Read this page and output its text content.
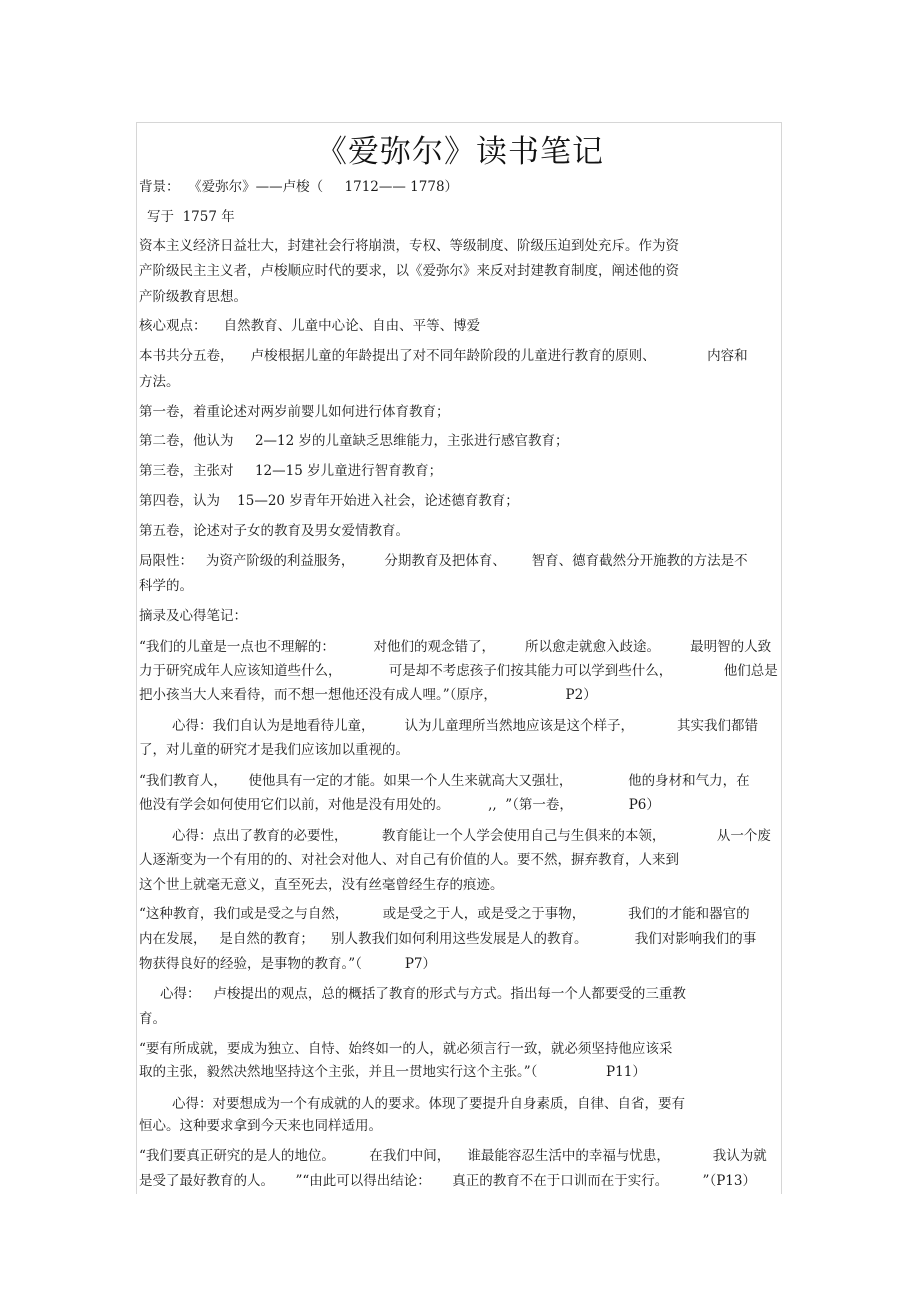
《爱弥尔》读书笔记
背景：  《爱弥尔》——卢梭（     1712—— 1778）
写于  1757 年
资本主义经济日益壮大，封建社会行将崩溃，专权、等级制度、阶级压迫到处充斥。作为资
产阶级民主主义者，卢梭顺应时代的要求，以《爱弥尔》来反对封建教育制度，阐述他的资
产阶级教育思想。
核心观点：    自然教育、儿童中心论、自由、平等、博爱
本书共分五卷，    卢梭根据儿童的年龄提出了对不同年龄阶段的儿童进行教育的原则、            内容和
方法。
第一卷，着重论述对两岁前婴儿如何进行体育教育；
第二卷，他认为     2—12 岁的儿童缺乏思维能力，主张进行感官教育；
第三卷，主张对     12—15 岁儿童进行智育教育；
第四卷，认为    15—20 岁青年开始进入社会，论述德育教育；
第五卷，论述对子女的教育及男女爱情教育。
局限性：   为资产阶级的利益服务，       分期教育及把体育、      智育、德育截然分开施教的方法是不
科学的。
摘录及心得笔记：
“我们的儿童是一点也不理解的：         对他们的观念错了，       所以愈走就愈入歧途。       最明智的人致
力于研究成年人应该知道些什么，           可是却不考虑孩子们按其能力可以学到些什么，            他们总是
把小孩当大人来看待，而不想一想他还没有成人哩。”（原序，                P2）
心得：我们自认为是地看待儿童，       认为儿童理所当然地应该是这个样子，          其实我们都错
了，对儿童的研究才是我们应该加以重视的。
“我们教育人，     使他具有一定的才能。如果一个人生来就高大又强壮，             他的身材和气力，在
他没有学会如何使用它们以前，对他是没有用处的。         ,,  ”（第一卷，             P6）
心得：点出了教育的必要性，        教育能让一个人学会使用自己与生俱来的本领，            从一个废
人逐渐变为一个有用的的、对社会对他人、对自己有价值的人。要不然，摒弃教育，人来到
这个世上就毫无意义，直至死去，没有丝毫曾经生存的痕迹。
“这种教育，我们或是受之与自然，        或是受之于人，或是受之于事物，          我们的才能和器官的
内在发展，   是自然的教育；    别人教我们如何利用这些发展是人的教育。           我们对影响我们的事
物获得良好的经验，是事物的教育。”（          P7）
心得：   卢梭提出的观点，总的概括了教育的形式与方式。指出每一个人都要受的三重教
育。
“要有所成就，要成为独立、自恃、始终如一的人，就必须言行一致，就必须坚持他应该采
取的主张，毅然决然地坚持这个主张，并且一贯地实行这个主张。”（                P11）
心得：对要想成为一个有成就的人的要求。体现了要提升自身素质，自律、自省，要有
恒心。这种要求拿到今天来也同样适用。
“我们要真正研究的是人的地位。        在我们中间，    谁最能容忍生活中的幸福与忧患，          我认为就
是受了最好教育的人。     ”“由此可以得出结论：     真正的教育不在于口训而在于实行。        ”（P13）
